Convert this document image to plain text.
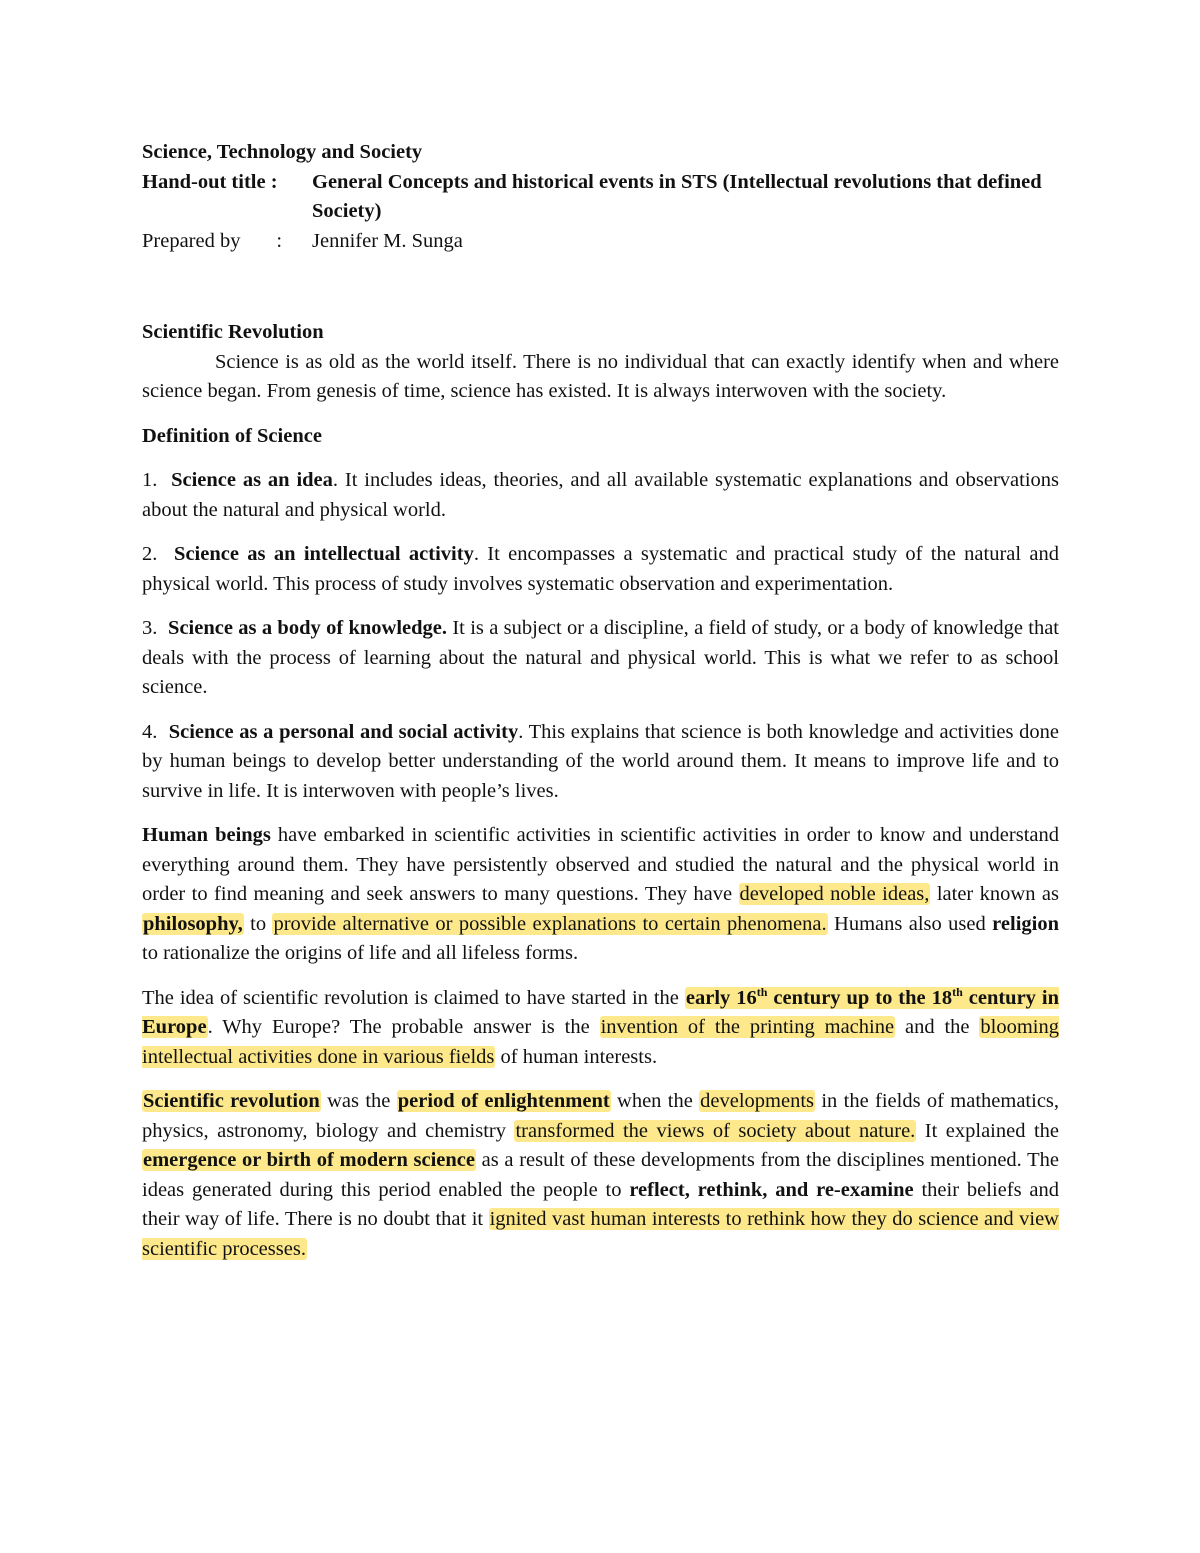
Science, Technology and Society
Hand-out title :	General Concepts and historical events in STS (Intellectual revolutions that defined Society)
Prepared by :	Jennifer M. Sunga

Scientific Revolution

Science is as old as the world itself. There is no individual that can exactly identify when and where science began. From genesis of time, science has existed. It is always interwoven with the society.

Definition of Science

1. Science as an idea. It includes ideas, theories, and all available systematic explanations and observations about the natural and physical world.

2. Science as an intellectual activity. It encompasses a systematic and practical study of the natural and physical world. This process of study involves systematic observation and experimentation.

3. Science as a body of knowledge. It is a subject or a discipline, a field of study, or a body of knowledge that deals with the process of learning about the natural and physical world. This is what we refer to as school science.

4. Science as a personal and social activity. This explains that science is both knowledge and activities done by human beings to develop better understanding of the world around them. It means to improve life and to survive in life. It is interwoven with people’s lives.

Human beings have embarked in scientific activities in scientific activities in order to know and understand everything around them. They have persistently observed and studied the natural and the physical world in order to find meaning and seek answers to many questions. They have developed noble ideas, later known as philosophy, to provide alternative or possible explanations to certain phenomena. Humans also used religion to rationalize the origins of life and all lifeless forms.

The idea of scientific revolution is claimed to have started in the early 16th century up to the 18th century in Europe. Why Europe? The probable answer is the invention of the printing machine and the blooming intellectual activities done in various fields of human interests.

Scientific revolution was the period of enlightenment when the developments in the fields of mathematics, physics, astronomy, biology and chemistry transformed the views of society about nature. It explained the emergence or birth of modern science as a result of these developments from the disciplines mentioned. The ideas generated during this period enabled the people to reflect, rethink, and re-examine their beliefs and their way of life. There is no doubt that it ignited vast human interests to rethink how they do science and view scientific processes.
